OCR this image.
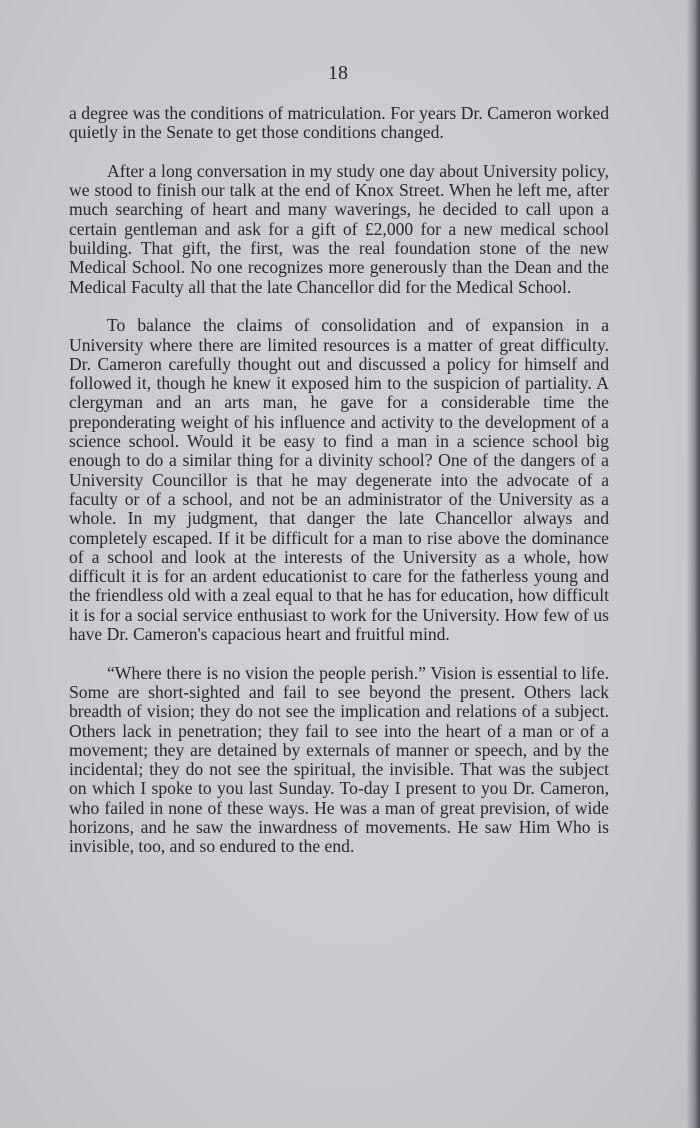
18

a degree was the conditions of matriculation. For years Dr. Cameron worked quietly in the Senate to get those conditions changed.

After a long conversation in my study one day about University policy, we stood to finish our talk at the end of Knox Street. When he left me, after much searching of heart and many waverings, he decided to call upon a certain gentleman and ask for a gift of £2,000 for a new medical school building. That gift, the first, was the real foundation stone of the new Medical School. No one recognizes more generously than the Dean and the Medical Faculty all that the late Chancellor did for the Medical School.

To balance the claims of consolidation and of expansion in a University where there are limited resources is a matter of great difficulty. Dr. Cameron carefully thought out and discussed a policy for himself and followed it, though he knew it exposed him to the suspicion of partiality. A clergyman and an arts man, he gave for a considerable time the preponderating weight of his influence and activity to the development of a science school. Would it be easy to find a man in a science school big enough to do a similar thing for a divinity school? One of the dangers of a University Councillor is that he may degenerate into the advocate of a faculty or of a school, and not be an administrator of the University as a whole. In my judgment, that danger the late Chancellor always and completely escaped. If it be difficult for a man to rise above the dominance of a school and look at the interests of the University as a whole, how difficult it is for an ardent educationist to care for the fatherless young and the friendless old with a zeal equal to that he has for education, how difficult it is for a social service enthusiast to work for the University. How few of us have Dr. Cameron's capacious heart and fruitful mind.

“Where there is no vision the people perish.” Vision is essential to life. Some are short-sighted and fail to see beyond the present. Others lack breadth of vision; they do not see the implication and relations of a subject. Others lack in penetration; they fail to see into the heart of a man or of a movement; they are detained by externals of manner or speech, and by the incidental; they do not see the spiritual, the invisible. That was the subject on which I spoke to you last Sunday. To-day I present to you Dr. Cameron, who failed in none of these ways. He was a man of great prevision, of wide horizons, and he saw the inwardness of movements. He saw Him Who is invisible, too, and so endured to the end.
